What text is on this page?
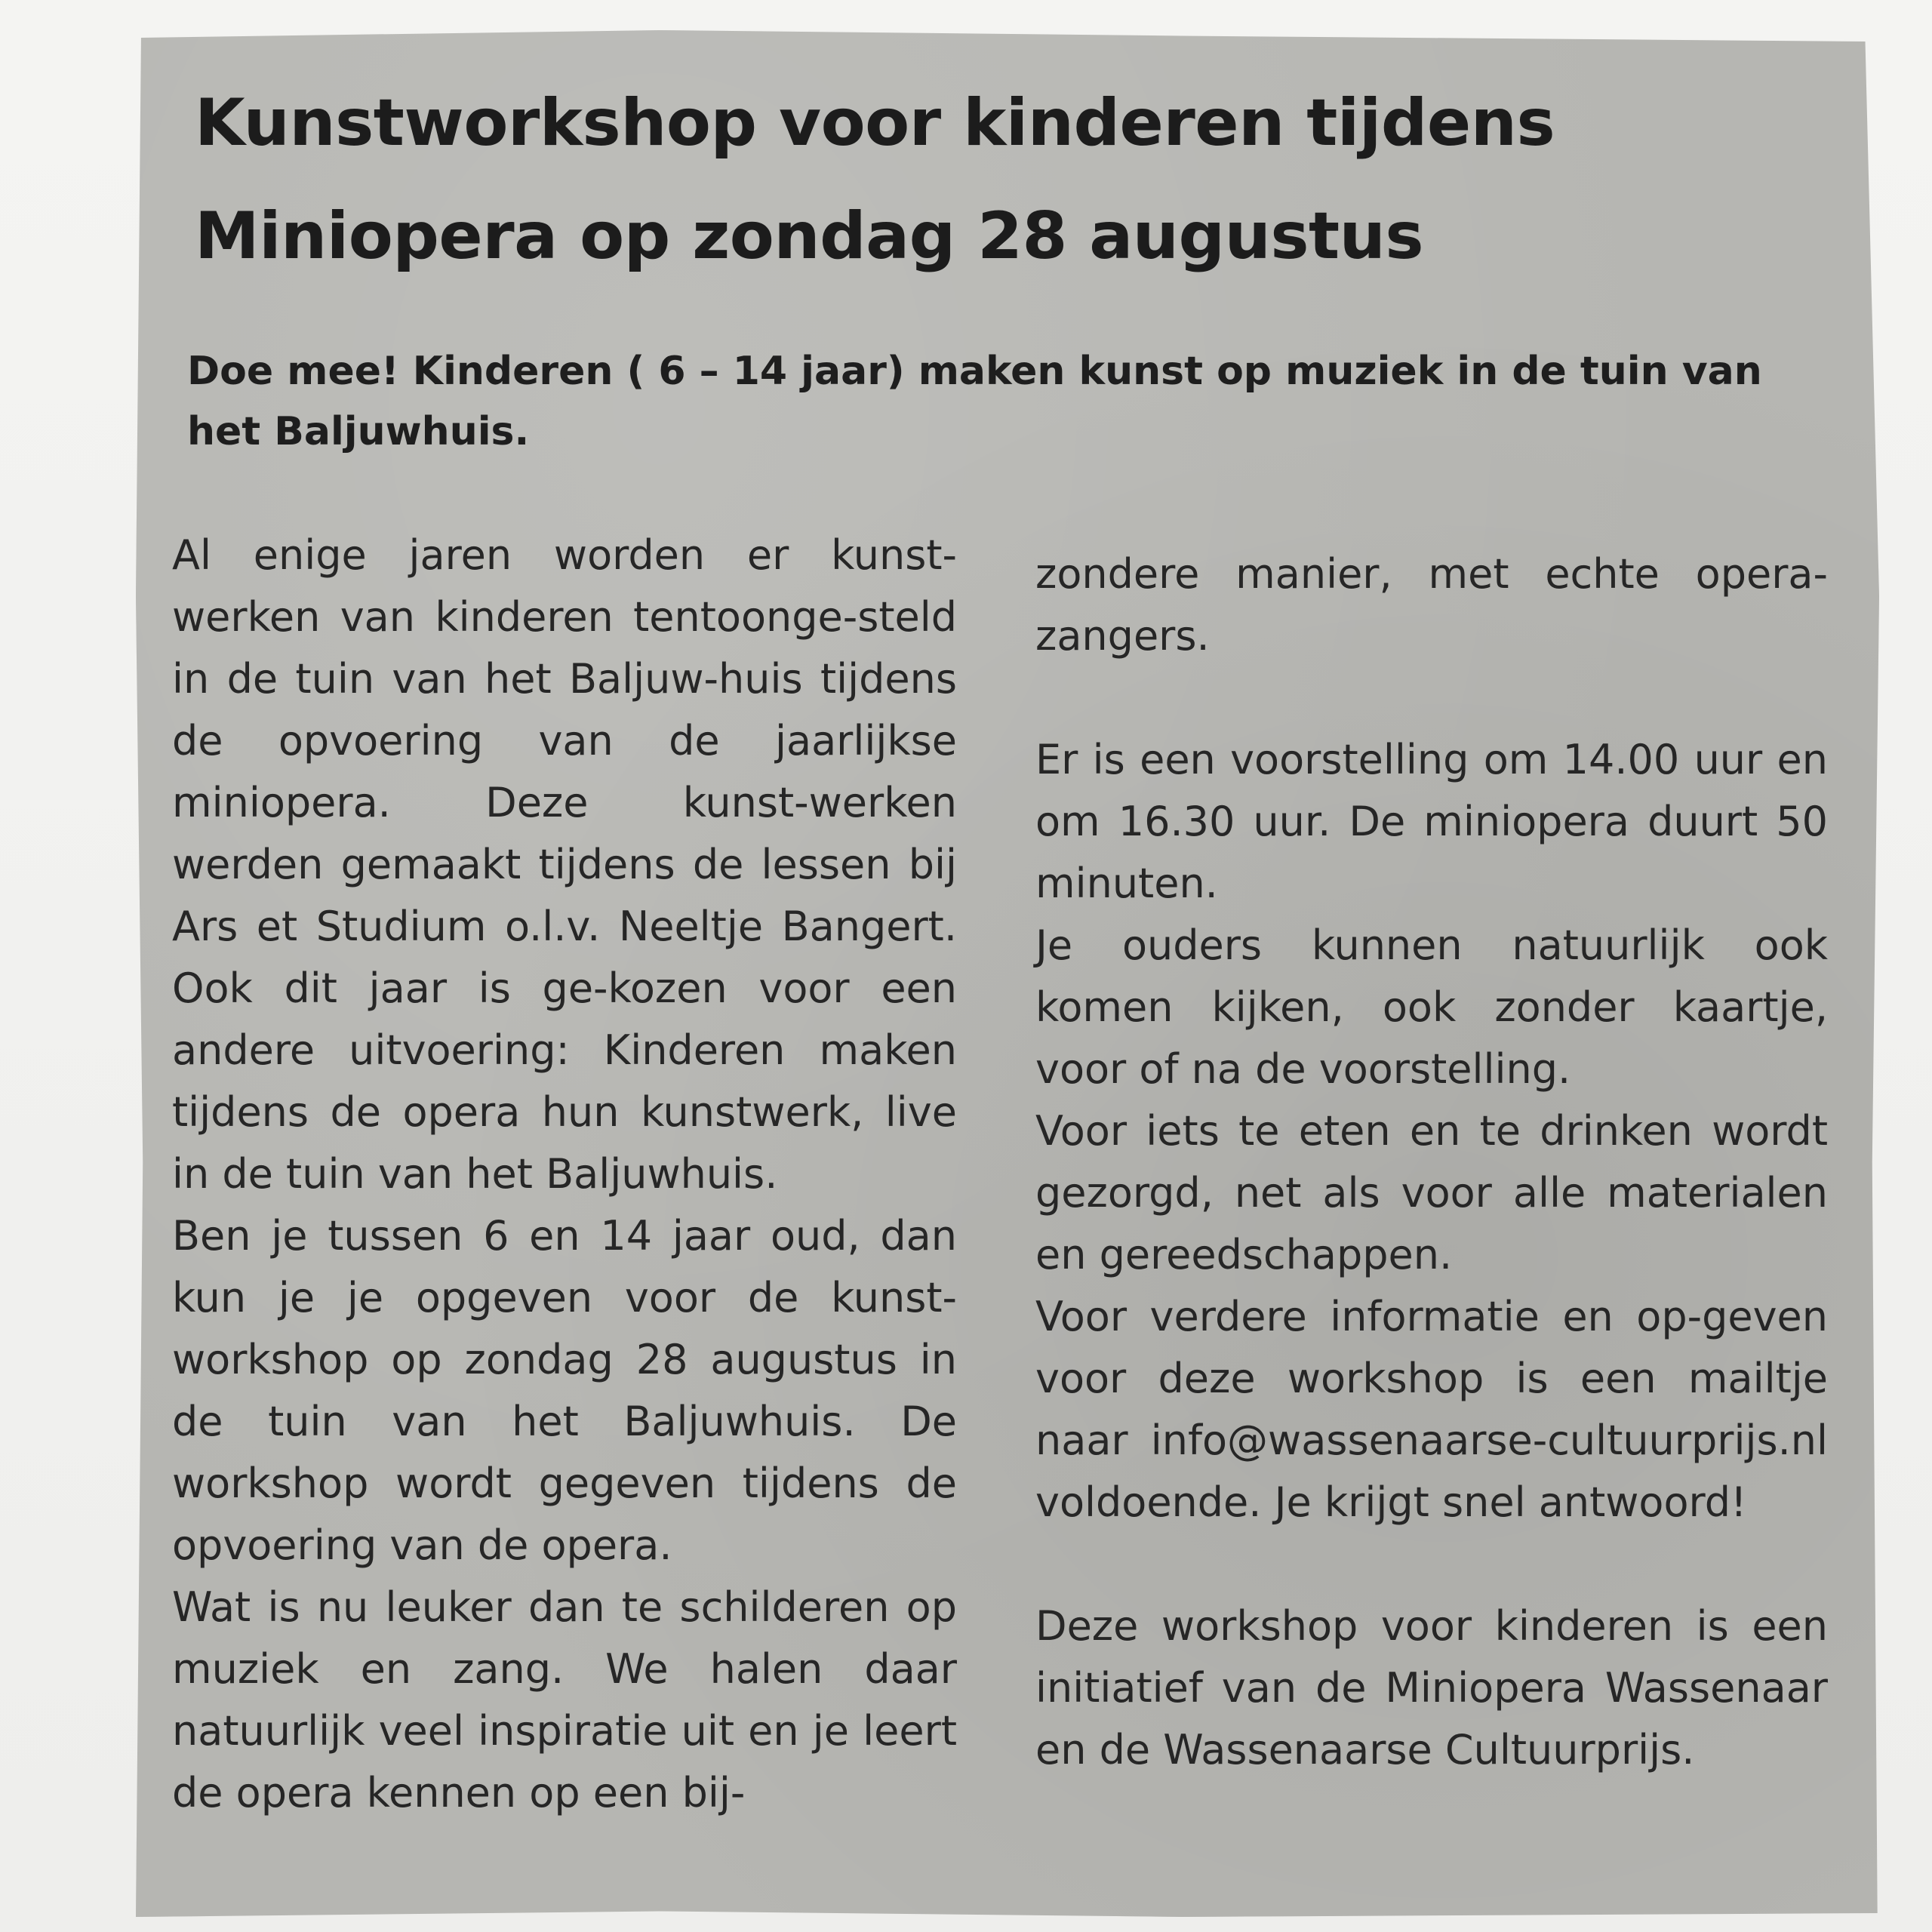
Kunstworkshop voor kinderen tijdens
Miniopera op zondag 28 augustus

Doe mee! Kinderen ( 6 – 14 jaar) maken kunst op muziek in de tuin van het Baljuwhuis.

Al enige jaren worden er kunst-werken van kinderen tentoonge-steld in de tuin van het Baljuw-huis tijdens de opvoering van de jaarlijkse miniopera. Deze kunst-werken werden gemaakt tijdens de lessen bij Ars et Studium o.l.v. Neeltje Bangert. Ook dit jaar is ge-kozen voor een andere uitvoering: Kinderen maken tijdens de opera hun kunstwerk, live in de tuin van het Baljuwhuis.

Ben je tussen 6 en 14 jaar oud, dan kun je je opgeven voor de kunst-workshop op zondag 28 augustus in de tuin van het Baljuwhuis. De workshop wordt gegeven tijdens de opvoering van de opera.

Wat is nu leuker dan te schilderen op muziek en zang. We halen daar natuurlijk veel inspiratie uit en je leert de opera kennen op een bij-

zondere manier, met echte opera-zangers.

Er is een voorstelling om 14.00 uur en om 16.30 uur. De miniopera duurt 50 minuten.

Je ouders kunnen natuurlijk ook komen kijken, ook zonder kaartje, voor of na de voorstelling.

Voor iets te eten en te drinken wordt gezorgd, net als voor alle materialen en gereedschappen.

Voor verdere informatie en op-geven voor deze workshop is een mailtje naar info@wassenaarse-cultuurprijs.nl voldoende. Je krijgt snel antwoord!

Deze workshop voor kinderen is een initiatief van de Miniopera Wassenaar en de Wassenaarse Cultuurprijs.
